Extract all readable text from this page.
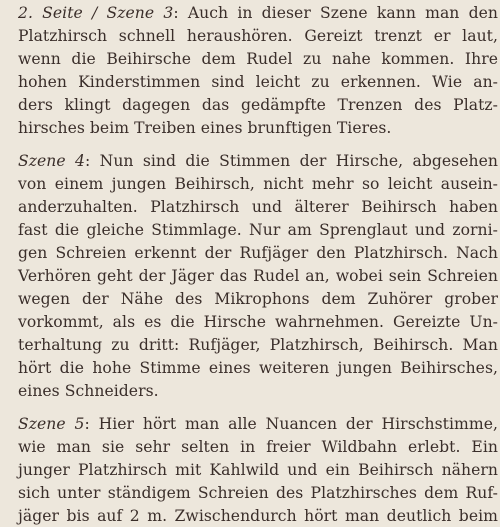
2. Seite / Szene 3: Auch in dieser Szene kann man den
Platzhirsch schnell heraushören. Gereizt trenzt er laut,
wenn die Beihirsche dem Rudel zu nahe kommen. Ihre
hohen Kinderstimmen sind leicht zu erkennen. Wie an-
ders klingt dagegen das gedämpfte Trenzen des Platz-
hirsches beim Treiben eines brunftigen Tieres.
Szene 4: Nun sind die Stimmen der Hirsche, abgesehen
von einem jungen Beihirsch, nicht mehr so leicht ausein-
anderzuhalten. Platzhirsch und älterer Beihirsch haben
fast die gleiche Stimmlage. Nur am Sprenglaut und zorni-
gen Schreien erkennt der Rufjäger den Platzhirsch. Nach
Verhören geht der Jäger das Rudel an, wobei sein Schreien
wegen der Nähe des Mikrophons dem Zuhörer grober
vorkommt, als es die Hirsche wahrnehmen. Gereizte Un-
terhaltung zu dritt: Rufjäger, Platzhirsch, Beihirsch. Man
hört die hohe Stimme eines weiteren jungen Beihirsches,
eines Schneiders.
Szene 5: Hier hört man alle Nuancen der Hirschstimme,
wie man sie sehr selten in freier Wildbahn erlebt. Ein
junger Platzhirsch mit Kahlwild und ein Beihirsch nähern
sich unter ständigem Schreien des Platzhirsches dem Ruf-
jäger bis auf 2 m. Zwischendurch hört man deutlich beim
